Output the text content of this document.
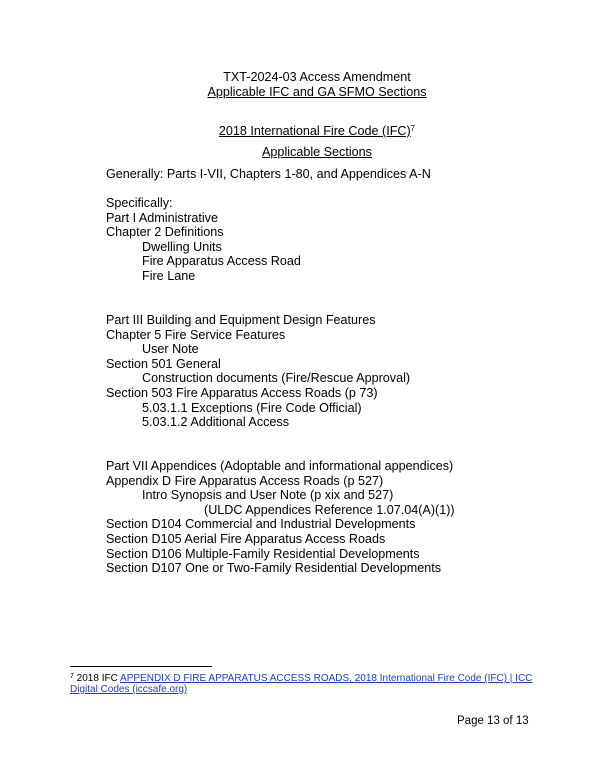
TXT-2024-03 Access Amendment
Applicable IFC and GA SFMO Sections
2018 International Fire Code (IFC)$^7$
Applicable Sections
Generally: Parts I-VII, Chapters 1-80, and Appendices A-N
Specifically:
Part I Administrative
Chapter 2 Definitions
Dwelling Units
Fire Apparatus Access Road
Fire Lane
Part III Building and Equipment Design Features
Chapter 5 Fire Service Features
User Note
Section 501 General
Construction documents (Fire/Rescue Approval)
Section 503 Fire Apparatus Access Roads (p 73)
5.03.1.1 Exceptions (Fire Code Official)
5.03.1.2 Additional Access
Part VII Appendices (Adoptable and informational appendices)
Appendix D Fire Apparatus Access Roads (p 527)
Intro Synopsis and User Note (p xix and 527)
(ULDC Appendices Reference 1.07.04(A)(1))
Section D104 Commercial and Industrial Developments
Section D105 Aerial Fire Apparatus Access Roads
Section D106 Multiple-Family Residential Developments
Section D107 One or Two-Family Residential Developments
$^7$ 2018 IFC APPENDIX D FIRE APPARATUS ACCESS ROADS, 2018 International Fire Code (IFC) | ICC
Digital Codes (iccsafe.org)
Page 13 of 13
